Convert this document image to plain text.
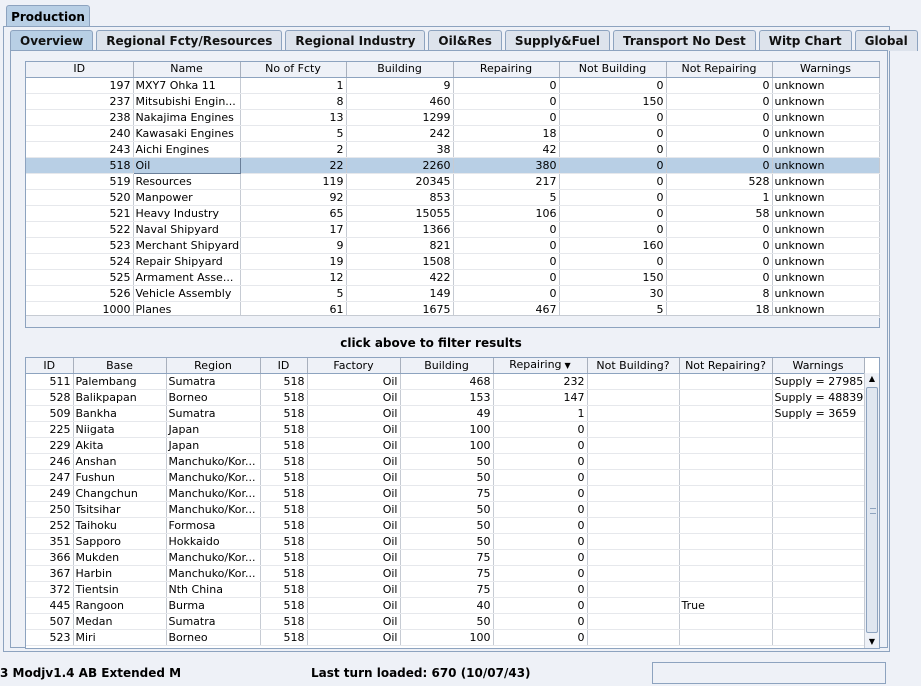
Production
Overview	Regional Fcty/Resources	Regional Industry	Oil&Res	Supply&Fuel	Transport No Dest	Witp Chart	Global
ID	Name	No of Fcty	Building	Repairing	Not Building	Not Repairing	Warnings
197	MXY7 Ohka 11	1	9	0	0	0	unknown
237	Mitsubishi Engin...	8	460	0	150	0	unknown
238	Nakajima Engines	13	1299	0	0	0	unknown
240	Kawasaki Engines	5	242	18	0	0	unknown
243	Aichi Engines	2	38	42	0	0	unknown
518	Oil	22	2260	380	0	0	unknown
519	Resources	119	20345	217	0	528	unknown
520	Manpower	92	853	5	0	1	unknown
521	Heavy Industry	65	15055	106	0	58	unknown
522	Naval Shipyard	17	1366	0	0	0	unknown
523	Merchant Shipyard	9	821	0	160	0	unknown
524	Repair Shipyard	19	1508	0	0	0	unknown
525	Armament Asse...	12	422	0	150	0	unknown
526	Vehicle Assembly	5	149	0	30	8	unknown
1000	Planes	61	1675	467	5	18	unknown
click above to filter results
ID	Base	Region	ID	Factory	Building	Repairing ▼	Not Building?	Not Repairing?	Warnings
511	Palembang	Sumatra	518	Oil	468	232			Supply = 27985
528	Balikpapan	Borneo	518	Oil	153	147			Supply = 48839
509	Bankha	Sumatra	518	Oil	49	1			Supply = 3659
225	Niigata	Japan	518	Oil	100	0			
229	Akita	Japan	518	Oil	100	0			
246	Anshan	Manchuko/Kor...	518	Oil	50	0			
247	Fushun	Manchuko/Kor...	518	Oil	50	0			
249	Changchun	Manchuko/Kor...	518	Oil	75	0			
250	Tsitsihar	Manchuko/Kor...	518	Oil	50	0			
252	Taihoku	Formosa	518	Oil	50	0			
351	Sapporo	Hokkaido	518	Oil	50	0			
366	Mukden	Manchuko/Kor...	518	Oil	75	0			
367	Harbin	Manchuko/Kor...	518	Oil	75	0			
372	Tientsin	Nth China	518	Oil	75	0			
445	Rangoon	Burma	518	Oil	40	0		True	
507	Medan	Sumatra	518	Oil	50	0			
523	Miri	Borneo	518	Oil	100	0			
▲
▼
3 Modjv1.4 AB Extended M	Last turn loaded: 670 (10/07/43)
